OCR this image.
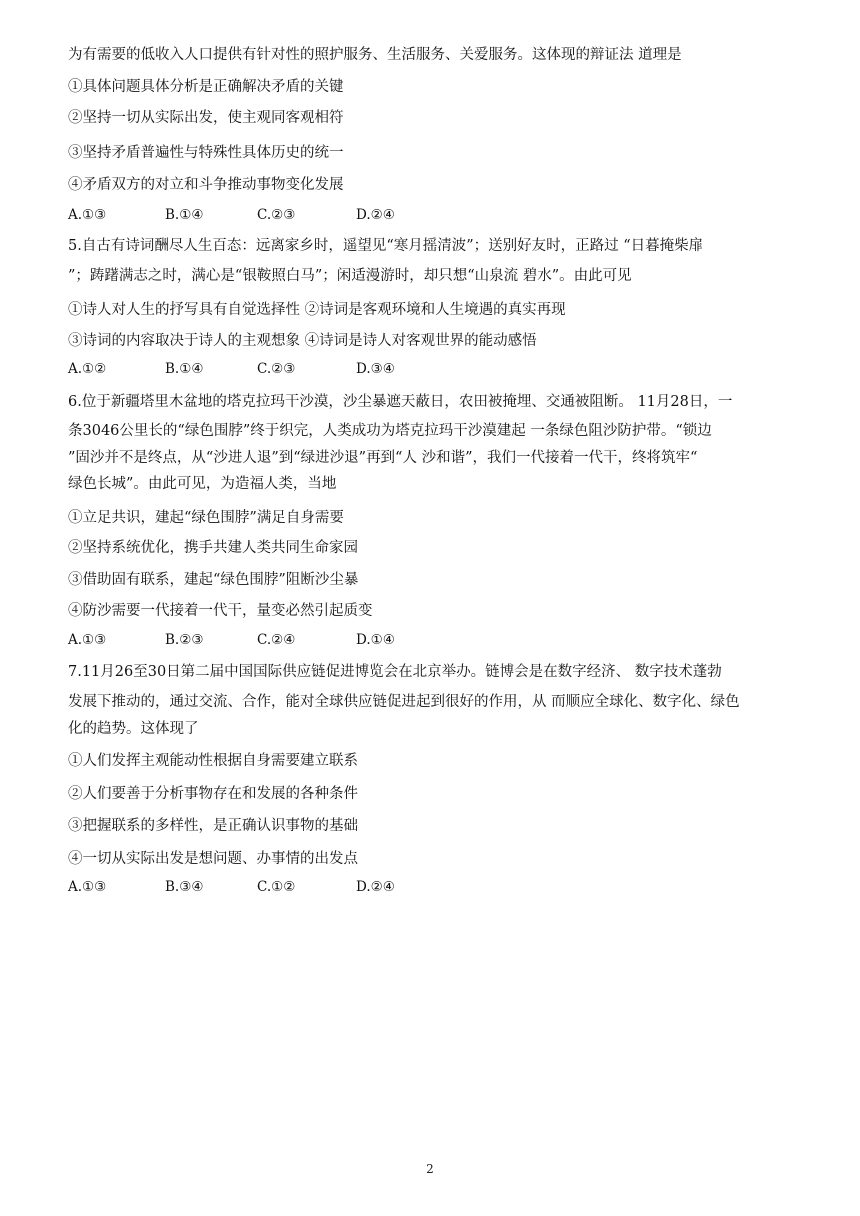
为有需要的低收入人口提供有针对性的照护服务、生活服务、关爱服务。这体现的辩证法 道理是
①具体问题具体分析是正确解决矛盾的关键
②坚持一切从实际出发，使主观同客观相符
③坚持矛盾普遍性与特殊性具体历史的统一
④矛盾双方的对立和斗争推动事物变化发展
A.①③	B.①④	C.②③	D.②④
5.自古有诗词酬尽人生百态：远离家乡时，遥望见“寒月摇清波”；送别好友时，正路过 “日暮掩柴扉
”；踌躇满志之时，满心是“银鞍照白马”；闲适漫游时，却只想“山泉流 碧水”。由此可见
①诗人对人生的抒写具有自觉选择性 ②诗词是客观环境和人生境遇的真实再现
③诗词的内容取决于诗人的主观想象 ④诗词是诗人对客观世界的能动感悟
A.①②	B.①④	C.②③	D.③④
6.位于新疆塔里木盆地的塔克拉玛干沙漠，沙尘暴遮天蔽日，农田被掩埋、交通被阻断。 11月28日，一
条3046公里长的“绿色围脖”终于织完，人类成功为塔克拉玛干沙漠建起 一条绿色阻沙防护带。“锁边
”固沙并不是终点，从“沙进人退”到“绿进沙退”再到“人 沙和谐”，我们一代接着一代干，终将筑牢“
绿色长城”。由此可见，为造福人类，当地
①立足共识，建起“绿色围脖”满足自身需要
②坚持系统优化，携手共建人类共同生命家园
③借助固有联系，建起“绿色围脖”阻断沙尘暴
④防沙需要一代接着一代干，量变必然引起质变
A.①③	B.②③	C.②④	D.①④
7.11月26至30日第二届中国国际供应链促进博览会在北京举办。链博会是在数字经济、 数字技术蓬勃
发展下推动的，通过交流、合作，能对全球供应链促进起到很好的作用，从 而顺应全球化、数字化、绿色
化的趋势。这体现了
①人们发挥主观能动性根据自身需要建立联系
②人们要善于分析事物存在和发展的各种条件
③把握联系的多样性，是正确认识事物的基础
④一切从实际出发是想问题、办事情的出发点
A.①③	B.③④	C.①②	D.②④
2
